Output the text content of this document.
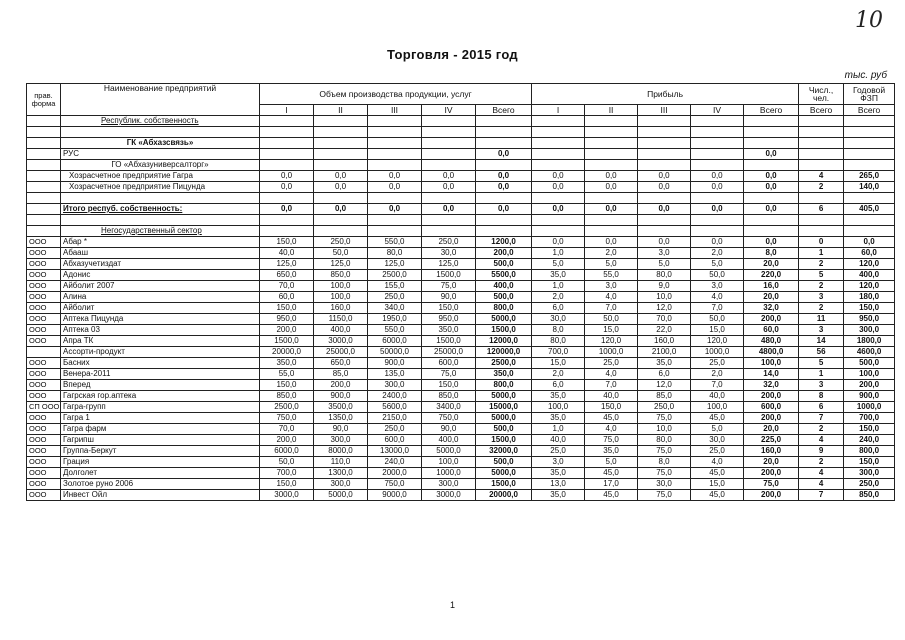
10
Торговля - 2015 год
тыс. руб
прав. форма	Наименование предприятий	Объем производства продукции, услуг					Прибыль					Числ., чел.	Годовой ФЗП
		I	II	III	IV	Всего	I	II	III	IV	Всего	Всего	Всего
	Республик. собственность												

	ГК «Абхазсвязь»												
	РУС					0,0					0,0		
	ГО «Абхазуниверсалторг»												
	Хозрасчетное предприятие Гагра	0,0	0,0	0,0	0,0	0,0	0,0	0,0	0,0	0,0	0,0	4	265,0
	Хозрасчетное предприятие Пицунда	0,0	0,0	0,0	0,0	0,0	0,0	0,0	0,0	0,0	0,0	2	140,0

	Итого респуб. собственность:	0,0	0,0	0,0	0,0	0,0	0,0	0,0	0,0	0,0	0,0	6	405,0

	Негосударственный сектор												
ООО	Абар *	150,0	250,0	550,0	250,0	1200,0	0,0	0,0	0,0	0,0	0,0	0	0,0
ООО	Абааш	40,0	50,0	80,0	30,0	200,0	1,0	2,0	3,0	2,0	8,0	1	60,0
ООО	Абхазучетиздат	125,0	125,0	125,0	125,0	500,0	5,0	5,0	5,0	5,0	20,0	2	120,0
ООО	Адонис	650,0	850,0	2500,0	1500,0	5500,0	35,0	55,0	80,0	50,0	220,0	5	400,0
ООО	Айболит 2007	70,0	100,0	155,0	75,0	400,0	1,0	3,0	9,0	3,0	16,0	2	120,0
ООО	Алина	60,0	100,0	250,0	90,0	500,0	2,0	4,0	10,0	4,0	20,0	3	180,0
ООО	Айболит	150,0	160,0	340,0	150,0	800,0	6,0	7,0	12,0	7,0	32,0	2	150,0
ООО	Аптека Пицунда	950,0	1150,0	1950,0	950,0	5000,0	30,0	50,0	70,0	50,0	200,0	11	950,0
ООО	Аптека 03	200,0	400,0	550,0	350,0	1500,0	8,0	15,0	22,0	15,0	60,0	3	300,0
ООО	Апра ТК	1500,0	3000,0	6000,0	1500,0	12000,0	80,0	120,0	160,0	120,0	480,0	14	1800,0
	Ассорти-продукт	20000,0	25000,0	50000,0	25000,0	120000,0	700,0	1000,0	2100,0	1000,0	4800,0	56	4600,0
ООО	Басних	350,0	650,0	900,0	600,0	2500,0	15,0	25,0	35,0	25,0	100,0	5	500,0
ООО	Венера-2011	55,0	85,0	135,0	75,0	350,0	2,0	4,0	6,0	2,0	14,0	1	100,0
ООО	Вперед	150,0	200,0	300,0	150,0	800,0	6,0	7,0	12,0	7,0	32,0	3	200,0
ООО	Гагрская гор.аптека	850,0	900,0	2400,0	850,0	5000,0	35,0	40,0	85,0	40,0	200,0	8	900,0
СП ООО	Гагра-групп	2500,0	3500,0	5600,0	3400,0	15000,0	100,0	150,0	250,0	100,0	600,0	6	1000,0
ООО	Гагра 1	750,0	1350,0	2150,0	750,0	5000,0	35,0	45,0	75,0	45,0	200,0	7	700,0
ООО	Гагра фарм	70,0	90,0	250,0	90,0	500,0	1,0	4,0	10,0	5,0	20,0	2	150,0
ООО	Гагрипш	200,0	300,0	600,0	400,0	1500,0	40,0	75,0	80,0	30,0	225,0	4	240,0
ООО	Группа-Беркут	6000,0	8000,0	13000,0	5000,0	32000,0	25,0	35,0	75,0	25,0	160,0	9	800,0
ООО	Грация	50,0	110,0	240,0	100,0	500,0	3,0	5,0	8,0	4,0	20,0	2	150,0
ООО	Долголет	700,0	1300,0	2000,0	1000,0	5000,0	35,0	45,0	75,0	45,0	200,0	4	300,0
ООО	Золотое руно 2006	150,0	300,0	750,0	300,0	1500,0	13,0	17,0	30,0	15,0	75,0	4	250,0
ООО	Инвест Ойл	3000,0	5000,0	9000,0	3000,0	20000,0	35,0	45,0	75,0	45,0	200,0	7	850,0
1
